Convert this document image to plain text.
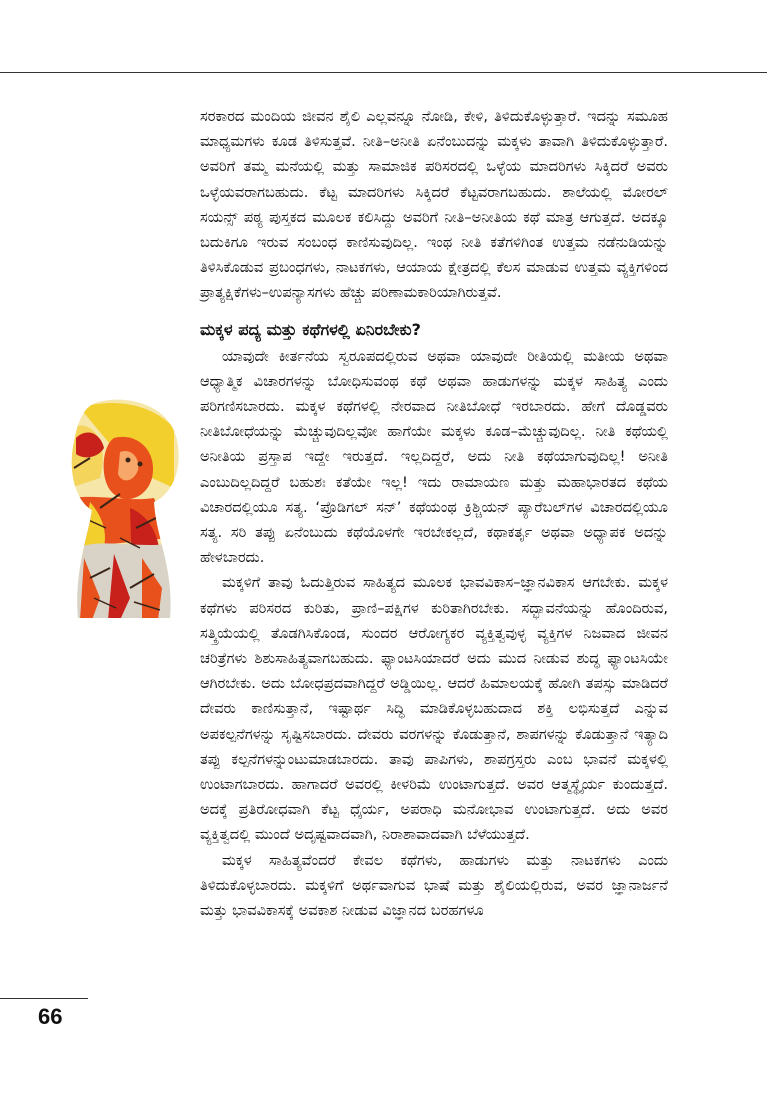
ಸರಕಾರದ ಮಂದಿಯ ಜೀವನ ಶೈಲಿ ಎಲ್ಲವನ್ನೂ ನೋಡಿ, ಕೇಳಿ, ತಿಳಿದುಕೊಳ್ಳುತ್ತಾರೆ. ಇದನ್ನು ಸಮೂಹ ಮಾಧ್ಯಮಗಳು ಕೂಡ ತಿಳಿಸುತ್ತವೆ. ನೀತಿ–ಅನೀತಿ ಏನೆಂಬುದನ್ನು ಮಕ್ಕಳು ತಾವಾಗಿ ತಿಳಿದುಕೊಳ್ಳುತ್ತಾರೆ. ಅವರಿಗೆ ತಮ್ಮ ಮನೆಯಲ್ಲಿ ಮತ್ತು ಸಾಮಾಜಿಕ ಪರಿಸರದಲ್ಲಿ ಒಳ್ಳೆಯ ಮಾದರಿಗಳು ಸಿಕ್ಕಿದರೆ ಅವರು ಒಳ್ಳೆಯವರಾಗಬಹುದು. ಕೆಟ್ಟ ಮಾದರಿಗಳು ಸಿಕ್ಕಿದರೆ ಕೆಟ್ಟವರಾಗಬಹುದು. ಶಾಲೆಯಲ್ಲಿ ಮೋರಲ್ ಸಯನ್ಸ್ ಪಠ್ಯ ಪುಸ್ತಕದ ಮೂಲಕ ಕಲಿಸಿದ್ದು ಅವರಿಗೆ ನೀತಿ–ಅನೀತಿಯ ಕಥೆ ಮಾತ್ರ ಆಗುತ್ತದೆ. ಅದಕ್ಕೂ ಬದುಕಿಗೂ ಇರುವ ಸಂಬಂಧ ಕಾಣಿಸುವುದಿಲ್ಲ. ಇಂಥ ನೀತಿ ಕತೆಗಳಿಗಿಂತ ಉತ್ತಮ ನಡೆನುಡಿಯನ್ನು ತಿಳಿಸಿಕೊಡುವ ಪ್ರಬಂಧಗಳು, ನಾಟಕಗಳು, ಆಯಾಯ ಕ್ಷೇತ್ರದಲ್ಲಿ ಕೆಲಸ ಮಾಡುವ ಉತ್ತಮ ವ್ಯಕ್ತಿಗಳಿಂದ ಪ್ರಾತ್ಯಕ್ಷಿಕೆಗಳು–ಉಪನ್ಯಾಸಗಳು ಹೆಚ್ಚು ಪರಿಣಾಮಕಾರಿಯಾಗಿರುತ್ತವೆ.

ಮಕ್ಕಳ ಪದ್ಯ ಮತ್ತು ಕಥೆಗಳಲ್ಲಿ ಏನಿರಬೇಕು?

ಯಾವುದೇ ಕೀರ್ತನೆಯ ಸ್ವರೂಪದಲ್ಲಿರುವ ಅಥವಾ ಯಾವುದೇ ರೀತಿಯಲ್ಲಿ ಮತೀಯ ಅಥವಾ ಆಧ್ಯಾತ್ಮಿಕ ವಿಚಾರಗಳನ್ನು ಬೋಧಿಸುವಂಥ ಕಥೆ ಅಥವಾ ಹಾಡುಗಳನ್ನು ಮಕ್ಕಳ ಸಾಹಿತ್ಯ ಎಂದು ಪರಿಗಣಿಸಬಾರದು. ಮಕ್ಕಳ ಕಥೆಗಳಲ್ಲಿ ನೇರವಾದ ನೀತಿಬೋಧೆ ಇರಬಾರದು. ಹೇಗೆ ದೊಡ್ಡವರು ನೀತಿಬೋಧೆಯನ್ನು ಮೆಚ್ಚುವುದಿಲ್ಲವೋ ಹಾಗೆಯೇ ಮಕ್ಕಳು ಕೂಡ–ಮೆಚ್ಚುವುದಿಲ್ಲ. ನೀತಿ ಕಥೆಯಲ್ಲಿ ಅನೀತಿಯ ಪ್ರಸ್ತಾಪ ಇದ್ದೇ ಇರುತ್ತದೆ. ಇಲ್ಲದಿದ್ದರೆ, ಅದು ನೀತಿ ಕಥೆಯಾಗುವುದಿಲ್ಲ! ಅನೀತಿ ಎಂಬುದಿಲ್ಲದಿದ್ದರೆ ಬಹುಶಃ ಕತೆಯೇ ಇಲ್ಲ! ಇದು ರಾಮಾಯಣ ಮತ್ತು ಮಹಾಭಾರತದ ಕಥೆಯ ವಿಚಾರದಲ್ಲಿಯೂ ಸತ್ಯ. ‘ಪ್ರೊಡಿಗಲ್ ಸನ್’ ಕಥೆಯಂಥ ಕ್ರಿಶ್ಚಿಯನ್ ಪ್ಯಾರೆಬಲ್‌ಗಳ ವಿಚಾರದಲ್ಲಿಯೂ ಸತ್ಯ. ಸರಿ ತಪ್ಪು ಏನೆಂಬುದು ಕಥೆಯೊಳಗೇ ಇರಬೇಕಲ್ಲದೆ, ಕಥಾಕರ್ತೃ ಅಥವಾ ಅಧ್ಯಾಪಕ ಅದನ್ನು ಹೇಳಬಾರದು.

ಮಕ್ಕಳಿಗೆ ತಾವು ಓದುತ್ತಿರುವ ಸಾಹಿತ್ಯದ ಮೂಲಕ ಭಾವವಿಕಾಸ–ಜ್ಞಾನವಿಕಾಸ ಆಗಬೇಕು. ಮಕ್ಕಳ ಕಥೆಗಳು ಪರಿಸರದ ಕುರಿತು, ಪ್ರಾಣಿ–ಪಕ್ಷಿಗಳ ಕುರಿತಾಗಿರಬೇಕು. ಸದ್ಭಾವನೆಯನ್ನು ಹೊಂದಿರುವ, ಸತ್ಕ್ರಿಯೆಯಲ್ಲಿ ತೊಡಗಿಸಿಕೊಂಡ, ಸುಂದರ ಆರೋಗ್ಯಕರ ವ್ಯಕ್ತಿತ್ವವುಳ್ಳ ವ್ಯಕ್ತಿಗಳ ನಿಜವಾದ ಜೀವನ ಚರಿತ್ರೆಗಳು ಶಿಶುಸಾಹಿತ್ಯವಾಗಬಹುದು. ಫ್ಯಾಂಟಸಿಯಾದರೆ ಅದು ಮುದ ನೀಡುವ ಶುದ್ಧ ಫ್ಯಾಂಟಸಿಯೇ ಆಗಿರಬೇಕು. ಅದು ಬೋಧಪ್ರದವಾಗಿದ್ದರೆ ಅಡ್ಡಿಯಿಲ್ಲ. ಆದರೆ ಹಿಮಾಲಯಕ್ಕೆ ಹೋಗಿ ತಪಸ್ಸು ಮಾಡಿದರೆ ದೇವರು ಕಾಣಿಸುತ್ತಾನೆ, ಇಷ್ಟಾರ್ಥ ಸಿದ್ಧಿ ಮಾಡಿಕೊಳ್ಳಬಹುದಾದ ಶಕ್ತಿ ಲಭಿಸುತ್ತದೆ ಎನ್ನುವ ಅಪಕಲ್ಪನೆಗಳನ್ನು ಸೃಷ್ಟಿಸಬಾರದು. ದೇವರು ವರಗಳನ್ನು ಕೊಡುತ್ತಾನೆ, ಶಾಪಗಳನ್ನು ಕೊಡುತ್ತಾನೆ ಇತ್ಯಾದಿ ತಪ್ಪು ಕಲ್ಪನೆಗಳನ್ನುಂಟುಮಾಡಬಾರದು. ತಾವು ಪಾಪಿಗಳು, ಶಾಪಗ್ರಸ್ತರು ಎಂಬ ಭಾವನೆ ಮಕ್ಕಳಲ್ಲಿ ಉಂಟಾಗಬಾರದು. ಹಾಗಾದರೆ ಅವರಲ್ಲಿ ಕೀಳರಿಮೆ ಉಂಟಾಗುತ್ತದೆ. ಅವರ ಆತ್ಮಸ್ಥೈರ್ಯ ಕುಂದುತ್ತದೆ. ಅದಕ್ಕೆ ಪ್ರತಿರೋಧವಾಗಿ ಕೆಟ್ಟ ಧೈರ್ಯ, ಅಪರಾಧಿ ಮನೋಭಾವ ಉಂಟಾಗುತ್ತದೆ. ಅದು ಅವರ ವ್ಯಕ್ತಿತ್ವದಲ್ಲಿ ಮುಂದೆ ಅದೃಷ್ಟವಾದವಾಗಿ, ನಿರಾಶಾವಾದವಾಗಿ ಬೆಳೆಯುತ್ತದೆ.

ಮಕ್ಕಳ ಸಾಹಿತ್ಯವೆಂದರೆ ಕೇವಲ ಕಥೆಗಳು, ಹಾಡುಗಳು ಮತ್ತು ನಾಟಕಗಳು ಎಂದು ತಿಳಿದುಕೊಳ್ಳಬಾರದು. ಮಕ್ಕಳಿಗೆ ಅರ್ಥವಾಗುವ ಭಾಷೆ ಮತ್ತು ಶೈಲಿಯಲ್ಲಿರುವ, ಅವರ ಜ್ಞಾನಾರ್ಜನೆ ಮತ್ತು ಭಾವವಿಕಾಸಕ್ಕೆ ಅವಕಾಶ ನೀಡುವ ವಿಜ್ಞಾನದ ಬರಹಗಳೂ

66
